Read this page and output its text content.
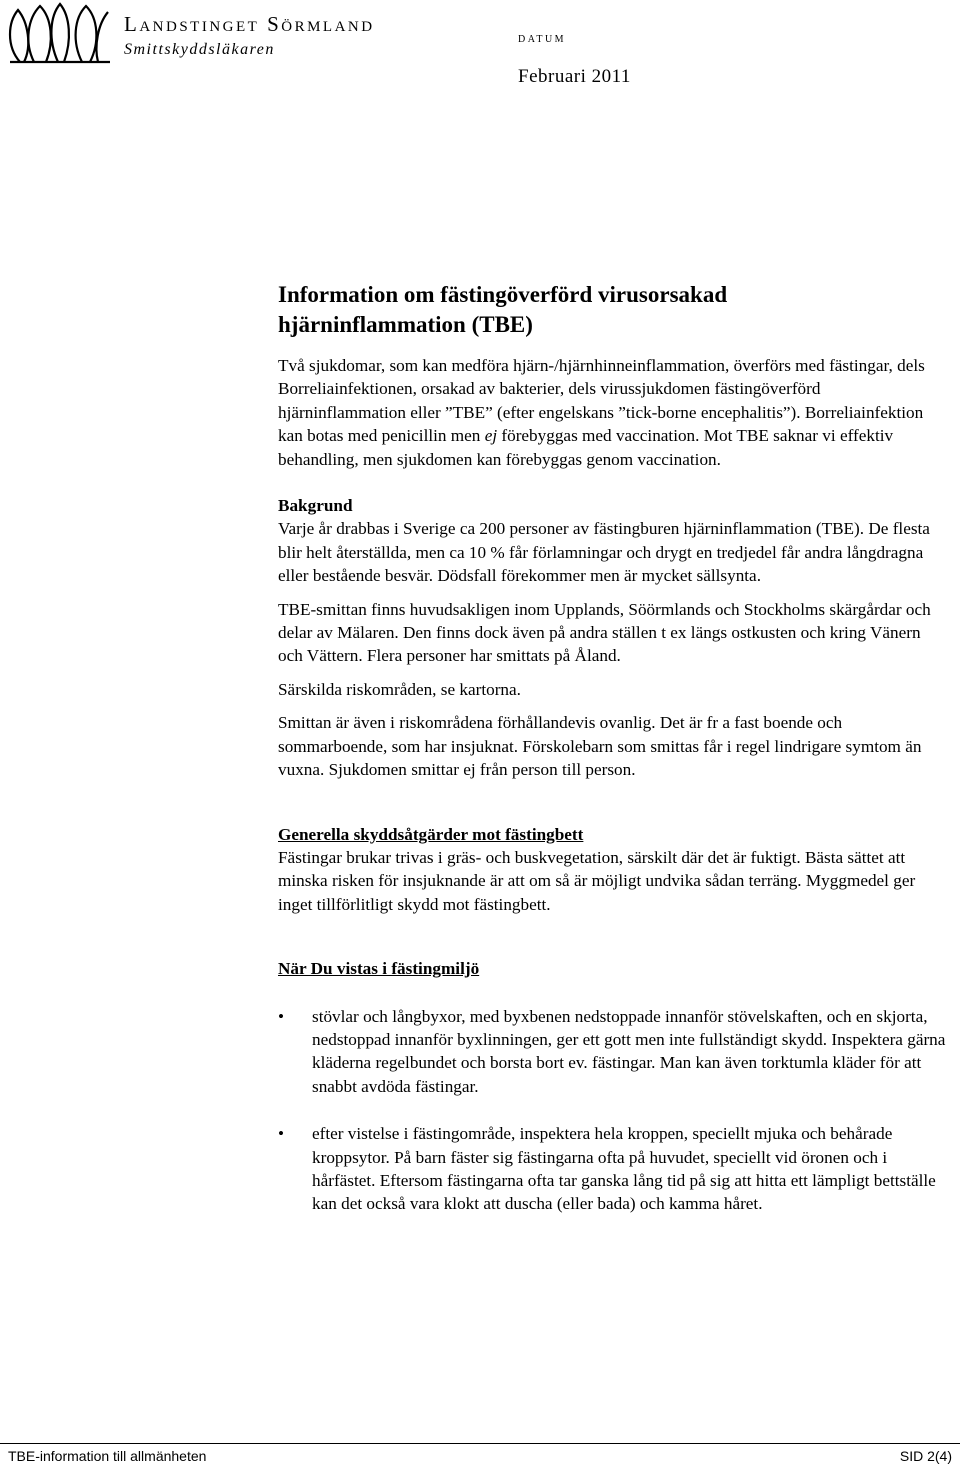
Landstinget Sörmland
Smittskyddsläkaren
DATUM
Februari 2011
Information om fästingöverförd virusorsakad hjärninflammation (TBE)

Två sjukdomar, som kan medföra hjärn-/hjärnhinneinflammation, överförs med fästingar, dels Borreliainfektionen, orsakad av bakterier, dels virussjukdomen fästingöverförd hjärninflammation eller ”TBE” (efter engelskans ”tick-borne encephalitis”). Borreliainfektion kan botas med penicillin men ej förebyggas med vaccination. Mot TBE saknar vi effektiv behandling, men sjukdomen kan förebyggas genom vaccination.

Bakgrund

Varje år drabbas i Sverige ca 200 personer av fästingburen hjärninflammation (TBE). De flesta blir helt återställda, men ca 10 % får förlamningar och drygt en tredjedel får andra långdragna eller bestående besvär. Dödsfall förekommer men är mycket sällsynta.

TBE-smittan finns huvudsakligen inom Upplands, Söörmlands och Stockholms skärgårdar och delar av Mälaren. Den finns dock även på andra ställen t ex längs ostkusten och kring Vänern och Vättern. Flera personer har smittats på Åland.

Särskilda riskområden, se kartorna.

Smittan är även i riskområdena förhållandevis ovanlig. Det är fr a fast boende och sommarboende, som har insjuknat. Förskolebarn som smittas får i regel lindrigare symtom än vuxna. Sjukdomen smittar ej från person till person.

Generella skyddsåtgärder mot fästingbett

Fästingar brukar trivas i gräs- och buskvegetation, särskilt där det är fuktigt. Bästa sättet att minska risken för insjuknande är att om så är möjligt undvika sådan terräng. Myggmedel ger inget tillförlitligt skydd mot fästingbett.

När Du vistas i fästingmiljö

•	stövlar och långbyxor, med byxbenen nedstoppade innanför stövelskaften, och en skjorta, nedstoppad innanför byxlinningen, ger ett gott men inte fullständigt skydd. Inspektera gärna kläderna regelbundet och borsta bort ev. fästingar. Man kan även torktumla kläder för att snabbt avdöda fästingar.
•	efter vistelse i fästingområde, inspektera hela kroppen, speciellt mjuka och behårade kroppsytor. På barn fäster sig fästingarna ofta på huvudet, speciellt vid öronen och i hårfästet. Eftersom fästingarna ofta tar ganska lång tid på sig att hitta ett lämpligt bettställe kan det också vara klokt att duscha (eller bada) och kamma håret.
TBE-information till allmänheten	SID 2(4)
